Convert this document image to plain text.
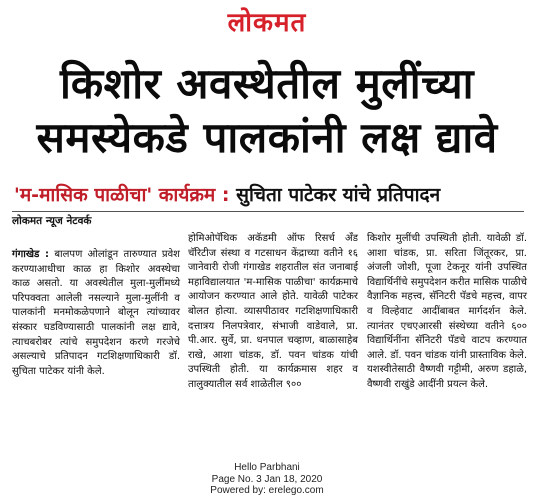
लोकमत
किशोर अवस्थेतील मुलींच्या
समस्येकडे पालकांनी लक्ष द्यावे
'म-मासिक पाळीचा' कार्यक्रम : सुचिता पाटेकर यांचे प्रतिपादन
लोकमत न्यूज नेटवर्क

गंगाखेड : बालपण ओलांडून तारुण्यात प्रवेश करण्याआधीचा काळ हा किशोर अवस्थेचा काळ असतो. या अवस्थेतील मुला-मुलींमध्ये परिपक्वता आलेली नसल्याने मुला-मुलींनी व पालकांनी मनमोकळेपणाने बोलून त्यांच्यावर संस्कार घडविण्यासाठी पालकांनी लक्ष द्यावे, त्याचबरोबर त्यांचे समुपदेशन करणे गरजेचे असल्याचे प्रतिपादन गटशिक्षणाधिकारी डॉ. सुचिता पाटेकर यांनी केले.

होमिओपॅथिक अकॅडमी ऑफ रिसर्च अँड चॅरिटीज संस्था व गटसाधन केंद्राच्या वतीने १६ जानेवारी रोजी गंगाखेड शहरातील संत जनाबाई महाविद्यालयात 'म-मासिक पाळीचा' कार्यक्रमाचे आयोजन करण्यात आले होते. यावेळी पाटेकर बोलत होत्या. व्यासपीठावर गटशिक्षणाधिकारी दत्तात्रय निलपत्रेवार, संभाजी वाडेवाले, प्रा. पी.आर. सुर्वे, प्रा. धनपाल चव्हाण, बाळासाहेब राखे, आशा चांडक, डॉ. पवन चांडक यांची उपस्थिती होती. या कार्यक्रमास शहर व तालुक्यातील सर्व शाळेतील ९००

किशोर मुलींची उपस्थिती होती. यावेळी डॉ. आशा चांडक, प्रा. सरिता जिंतूरकर, प्रा. अंजली जोशी, पूजा टेकनूर यांनी उपस्थित विद्यार्थिनींचे समुपदेशन करीत मासिक पाळीचे वैज्ञानिक महत्त्व, सॅनिटरी पॅडचे महत्त्व, वापर व विल्हेवाट आदींबाबत मार्गदर्शन केले. त्यानंतर एचएआरसी संस्थेच्या वतीने ६०० विद्यार्थिनींना सॅनिटरी पॅडचे वाटप करण्यात आले. डॉ. पवन चांडक यांनी प्रास्ताविक केले. यशस्वीतेसाठी वैष्णवी गट्टीमी, अरुण डहाळे, वैष्णवी राखुंडे आदींनी प्रयत्न केले.

Hello Parbhani
Page No. 3 Jan 18, 2020
Powered by: erelego.com
